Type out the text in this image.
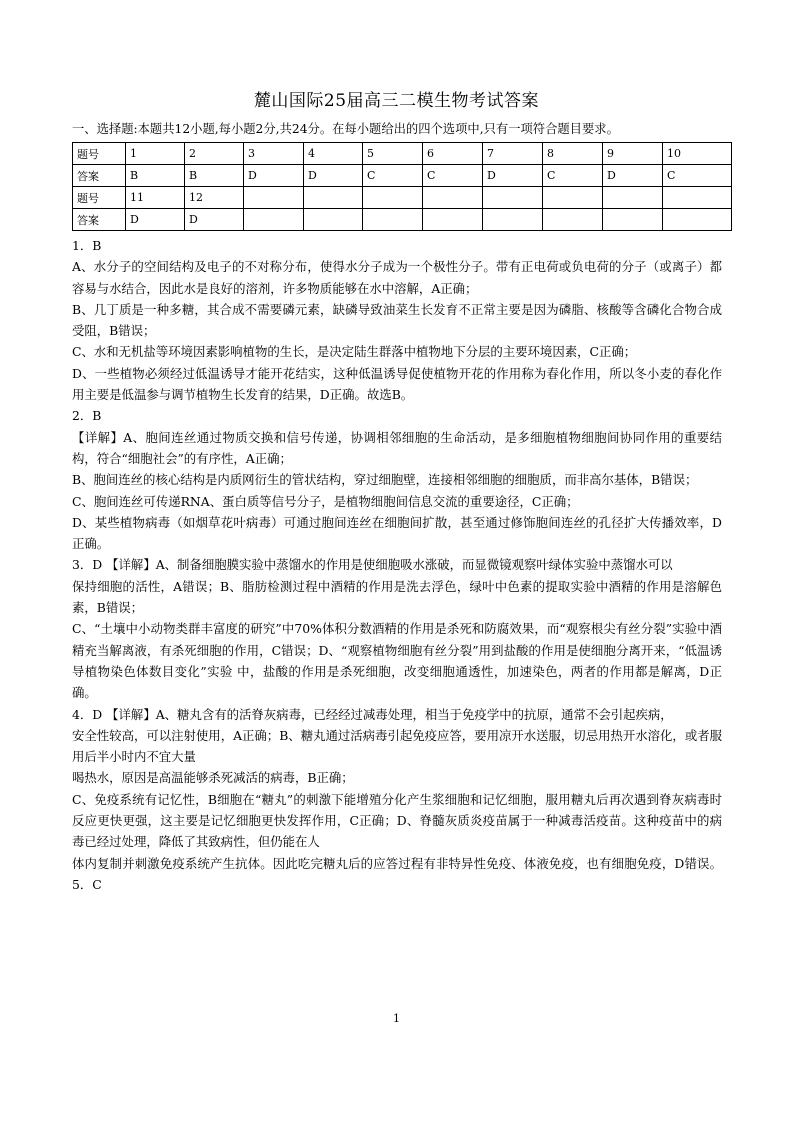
麓山国际25届高三二模生物考试答案
一、选择题:本题共12小题,每小题2分,共24分。在每小题给出的四个选项中,只有一项符合题目要求。
题号	1	2	3	4	5	6	7	8	9	10
答案	B	B	D	D	C	C	D	C	D	C
题号	11	12								
答案	D	D								

1．B

A、水分子的空间结构及电子的不对称分布，使得水分子成为一个极性分子。带有正电荷或负电荷的分子（或离子）都容易与水结合，因此水是良好的溶剂，许多物质能够在水中溶解，A正确；

B、几丁质是一种多糖，其合成不需要磷元素，缺磷导致油菜生长发育不正常主要是因为磷脂、核酸等含磷化合物合成受阻，B错误；

C、水和无机盐等环境因素影响植物的生长，是决定陆生群落中植物地下分层的主要环境因素，C正确；

D、一些植物必须经过低温诱导才能开花结实，这种低温诱导促使植物开花的作用称为春化作用，所以冬小麦的春化作用主要是低温参与调节植物生长发育的结果，D正确。故选B。

2．B

【详解】A、胞间连丝通过物质交换和信号传递，协调相邻细胞的生命活动，是多细胞植物细胞间协同作用的重要结构，符合“细胞社会”的有序性，A正确；

B、胞间连丝的核心结构是内质网衍生的管状结构，穿过细胞壁，连接相邻细胞的细胞质，而非高尔基体，B错误；

C、胞间连丝可传递RNA、蛋白质等信号分子，是植物细胞间信息交流的重要途径，C正确；

D、某些植物病毒（如烟草花叶病毒）可通过胞间连丝在细胞间扩散，甚至通过修饰胞间连丝的孔径扩大传播效率，D正确。

3．D 【详解】A、制备细胞膜实验中蒸馏水的作用是使细胞吸水涨破，而显微镜观察叶绿体实验中蒸馏水可以

保持细胞的活性，A错误；B、脂肪检测过程中酒精的作用是洗去浮色，绿叶中色素的提取实验中酒精的作用是溶解色素，B错误；

C、“土壤中小动物类群丰富度的研究”中70%体积分数酒精的作用是杀死和防腐效果，而“观察根尖有丝分裂”实验中酒精充当解离液，有杀死细胞的作用，C错误；D、“观察植物细胞有丝分裂”用到盐酸的作用是使细胞分离开来，“低温诱导植物染色体数目变化”实验 中，盐酸的作用是杀死细胞，改变细胞通透性，加速染色，两者的作用都是解离，D正确。

4．D 【详解】A、糖丸含有的活脊灰病毒，已经经过减毒处理，相当于免疫学中的抗原，通常不会引起疾病，

安全性较高，可以注射使用，A正确；B、糖丸通过活病毒引起免疫应答，要用凉开水送服，切忌用热开水溶化，或者服用后半小时内不宜大量

喝热水，原因是高温能够杀死减活的病毒，B正确；

C、免疫系统有记忆性，B细胞在“糖丸”的刺激下能增殖分化产生浆细胞和记忆细胞，服用糖丸后再次遇到脊灰病毒时反应更快更强，这主要是记忆细胞更快发挥作用，C正确；D、脊髓灰质炎疫苗属于一种减毒活疫苗。这种疫苗中的病毒已经过处理，降低了其致病性，但仍能在人

体内复制并刺激免疫系统产生抗体。因此吃完糖丸后的应答过程有非特异性免疫、体液免疫，也有细胞免疫，D错误。 5．C

1
